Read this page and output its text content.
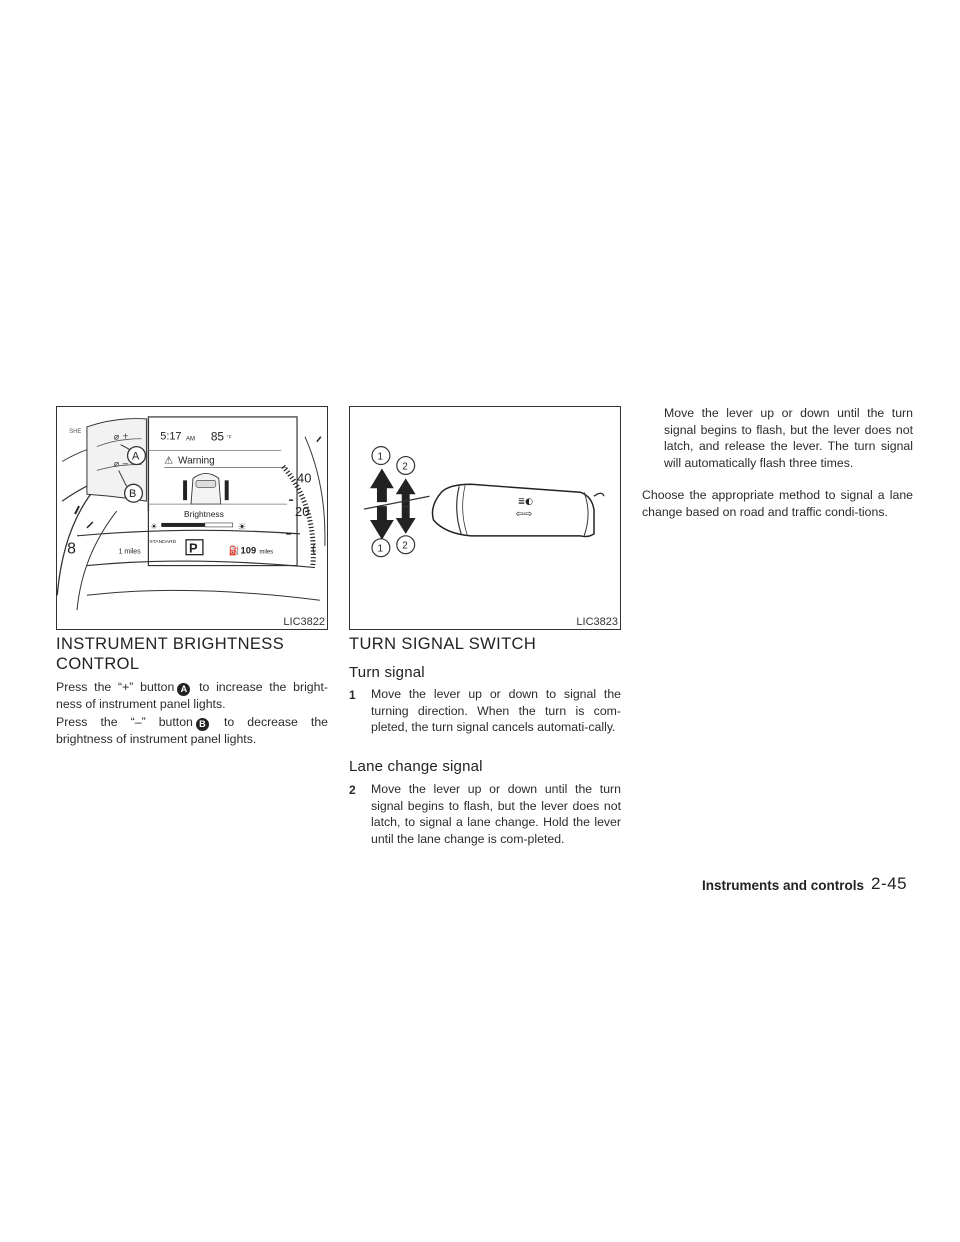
SHE
⌀ +
⌀ –
A
B
5:17 AM 85 °F
⚠ Warning
Brightness
☀	☀
STANDARD
1 miles	P	⛽ 109 miles
8
40
20
(
LIC3822
1
2
1 2
≣◐
⇦⇨
LIC3823
INSTRUMENT BRIGHTNESS
CONTROL

Press the “+” button A to increase the bright-ness of instrument panel lights.

Press the “–” button B to decrease the brightness of instrument panel lights.

TURN SIGNAL SWITCH
Turn signal
1 Move the lever up or down to signal the turning direction. When the turn is com-pleted, the turn signal cancels automati-cally.
Lane change signal
2 Move the lever up or down until the turn signal begins to flash, but the lever does not latch, to signal a lane change. Hold the lever until the lane change is com-pleted.

Move the lever up or down until the turn signal begins to flash, but the lever does not latch, and release the lever. The turn signal will automatically flash three times.

Choose the appropriate method to signal a lane change based on road and traffic condi-tions.

Instruments and controls 2-45
